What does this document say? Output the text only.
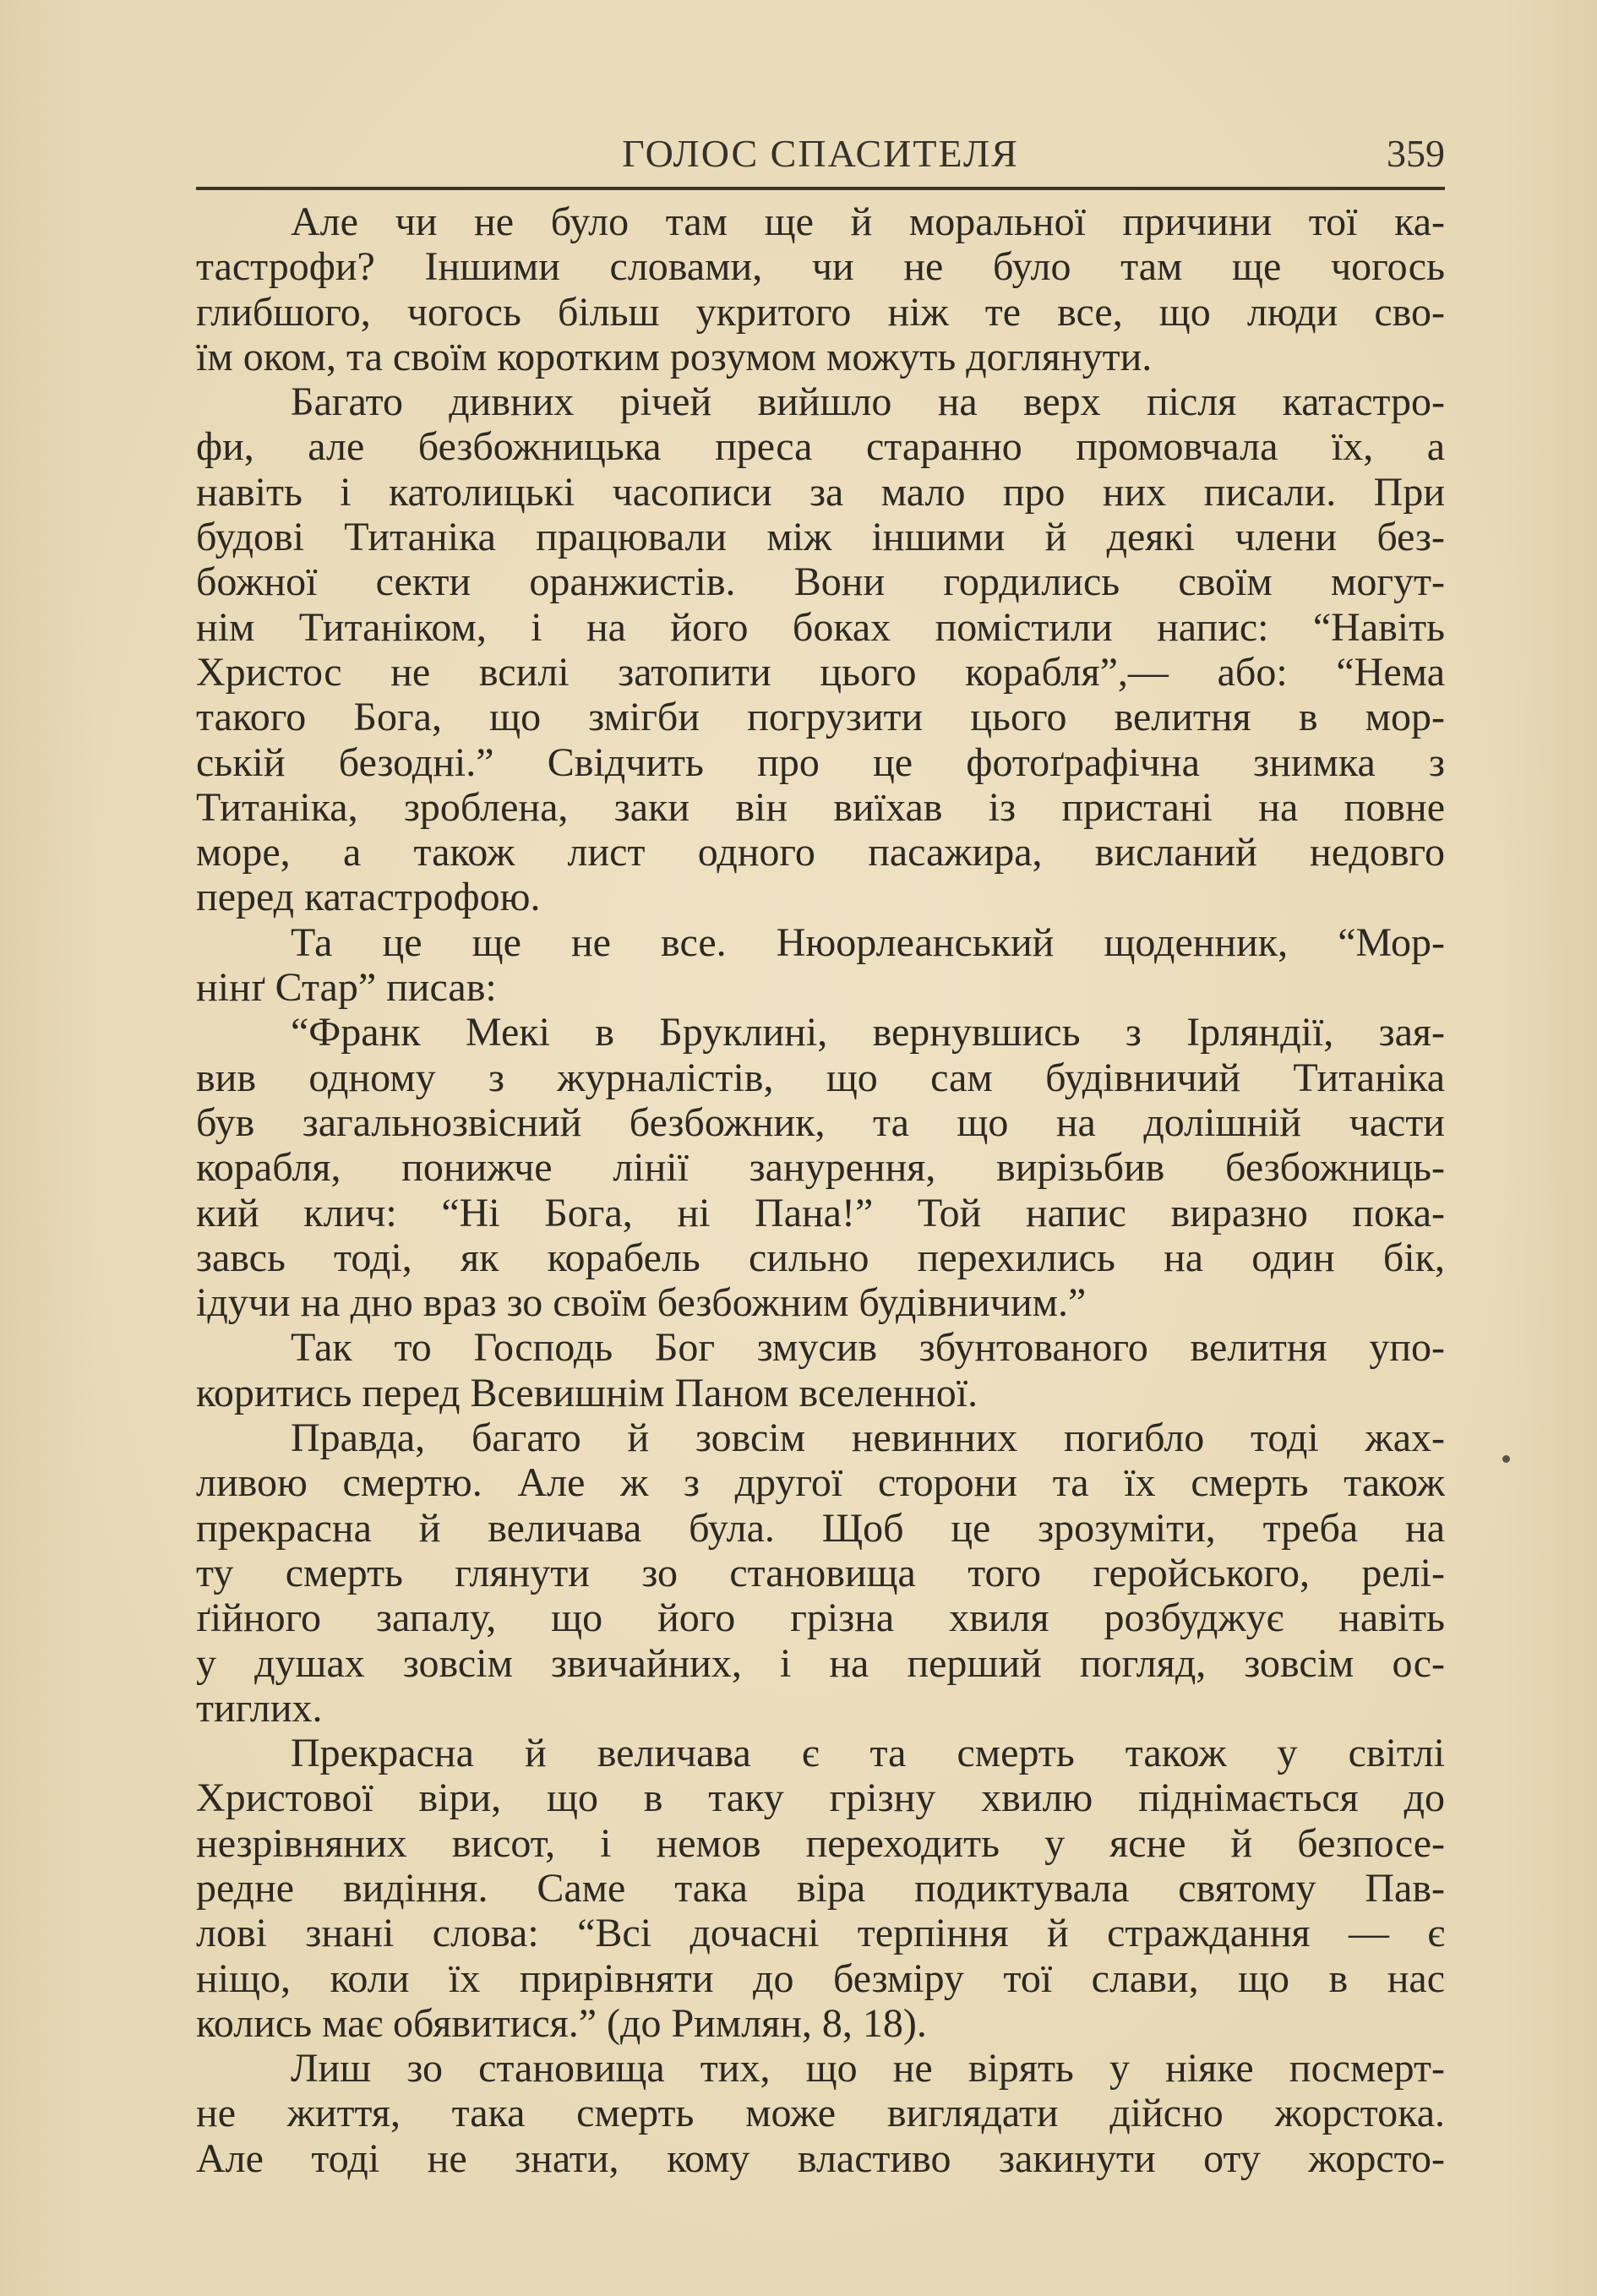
ГОЛОС СПАСИТЕЛЯ	359
Але чи не було там ще й моральної причини тої ка-
тастрофи? Іншими словами, чи не було там ще чогось
глибшого, чогось більш укритого ніж те все, що люди сво-
їм оком, та своїм коротким розумом можуть доглянути.
Багато дивних річей вийшло на верх після катастро-
фи, але безбожницька преса старанно промовчала їх, а
навіть і католицькі часописи за мало про них писали. При
будові Титаніка працювали між іншими й деякі члени без-
божної секти оранжистів. Вони гордились своїм могут-
нім Титаніком, і на його боках помістили напис: “Навіть
Христос не всилі затопити цього корабля”,— або: “Нема
такого Бога, що змігби погрузити цього велитня в мор-
ській безодні.” Свідчить про це фотоґрафічна знимка з
Титаніка, зроблена, заки він виїхав із пристані на повне
море, а також лист одного пасажира, висланий недовго
перед катастрофою.
Та це ще не все. Нюорлеанський щоденник, “Мор-
нінґ Стар” писав:
“Франк Мекі в Бруклині, вернувшись з Ірляндії, зая-
вив одному з журналістів, що сам будівничий Титаніка
був загальнозвісний безбожник, та що на долішній части
корабля, понижче лінії занурення, вирізьбив безбожниць-
кий клич: “Ні Бога, ні Пана!” Той напис виразно пока-
завсь тоді, як корабель сильно перехились на один бік,
ідучи на дно враз зо своїм безбожним будівничим.”
Так то Господь Бог змусив збунтованого велитня упо-
коритись перед Всевишнім Паном вселенної.
Правда, багато й зовсім невинних погибло тоді жах-
ливою смертю. Але ж з другої сторони та їх смерть також
прекрасна й величава була. Щоб це зрозуміти, треба на
ту смерть глянути зо становища того геройського, релі-
ґійного запалу, що його грізна хвиля розбуджує навіть
у душах зовсім звичайних, і на перший погляд, зовсім ос-
тиглих.
Прекрасна й величава є та смерть також у світлі
Христової віри, що в таку грізну хвилю піднімається до
незрівняних висот, і немов переходить у ясне й безпосе-
редне видіння. Саме така віра подиктувала святому Пав-
лові знані слова: “Всі дочасні терпіння й страждання — є
ніщо, коли їх прирівняти до безміру тої слави, що в нас
колись має обявитися.” (до Римлян, 8, 18).
Лиш зо становища тих, що не вірять у ніяке посмерт-
не життя, така смерть може виглядати дійсно жорстока.
Але тоді не знати, кому властиво закинути оту жорсто-
